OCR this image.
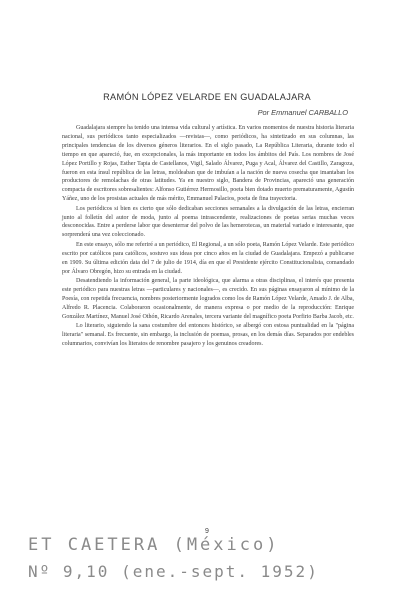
RAMÓN LÓPEZ VELARDE EN GUADALAJARA
Por Emmanuel CARBALLO

Guadalajara siempre ha tenido una intensa vida cultural y artística. En varios momentos de nuestra historia literaria nacional, sus periódicos tanto especializados —revistas—, como periódicos, ha sintetizado en sus columnas, las principales tendencias de los diversos géneros literarios. En el siglo pasado, La República Literaria, durante todo el tiempo en que apareció, fue, en excepcionales, la más importante en todos los ámbitos del País. Los nombres de José López Portillo y Rojas, Esther Tapia de Castellanos, Vigil, Salado Álvarez, Puga y Acal, Álvarez del Castillo, Zaragoza, fueron en esta ínsul república de las letras, moldeaban que de imbuían a la nación de nueva cosecha que imantaban los productores de remolachas de otras latitudes. Ya en nuestro siglo, Bandera de Provincias, apareció una generación compacta de escritores sobresalientes: Alfonso Gutiérrez Hermosillo, poeta bien dotado muerto prematuramente, Agustín Yáñez, uno de los prosistas actuales de más mérito, Emmanuel Palacios, poeta de fina trayectoria.

Los periódicos si bien es cierto que sólo dedicaban secciones semanales a la divulgación de las letras, encierran junto al folletín del autor de moda, junto al poema intrascendente, realizaciones de poetas serias muchas veces desconocidas. Entre a perderse labor que desenterrar del polvo de las hemerotecas, un material variado e interesante, que sorprenderá una vez coleccionado.

En este ensayo, sólo me referiré a un periódico, El Regional, a un sólo poeta, Ramón López Velarde. Este periódico escrito por católicos para católicos, sostuvo sus ideas por cinco años en la ciudad de Guadalajara. Empezó a publicarse en 1909. Su última edición data del 7 de julio de 1914, día en que el Presidente ejército Constitucionalista, comandado por Álvaro Obregón, hizo su entrada en la ciudad.

Desatendiendo la información general, la parte ideológica, que alarma a otras disciplinas, el interés que presenta este periódico para nuestras letras —particulares y nacionales—, es crecido. En sus páginas ensayaron al mínimo de la Poesía, con repetida frecuencia, nombres posteriormente logrados como los de Ramón López Velarde, Amado J. de Alba, Alfredo R. Placencia. Colaboraron ocasionalmente, de manera expresa o por medio de la reproducción: Enrique González Martínez, Manuel José Othón, Ricardo Arenales, tercera variante del magnífico poeta Porfirio Barba Jacob, etc.

Lo literario, siguiendo la sana costumbre del entonces histórico, se albergó con estosa puntualidad en la "página literaria" semanal. Es frecuente, sin embargo, la inclusión de poemas, prosas, en los demás días. Separados por endebles columnarios, convivían los literatos de renombre pasajero y los genuinos creadores.

9
ET CAETERA (México)
Nº 9,10 (ene.-sept. 1952)
